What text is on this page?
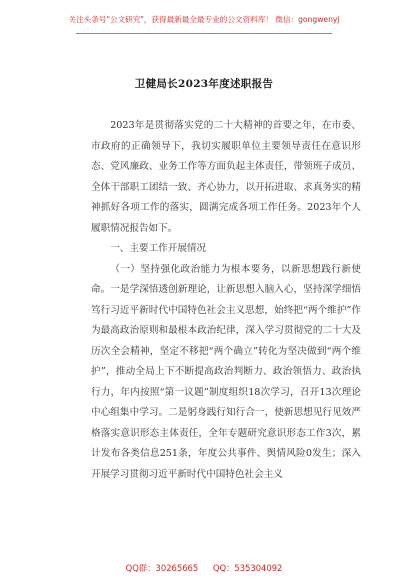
关注头条号"公文研究"，获得最新最全最专业的公文资料库！ 微信：gongwenyj
卫健局长2023年度述职报告

2023年是贯彻落实党的二十大精神的首要之年，在市委、市政府的正确领导下，我切实履职单位主要领导责任在意识形态、党风廉政、业务工作等方面负起主体责任，带领班子成员、全体干部职工团结一致、齐心协力，以开拓进取、求真务实的精神抓好各项工作的落实，圆满完成各项工作任务。2023年个人履职情况报告如下。

一、主要工作开展情况

（一）坚持强化政治能力为根本要务，以新思想践行新使命。一是学深悟透创新理论，让新思想入脑入心，坚持深学细悟笃行习近平新时代中国特色社会主义思想，始终把“两个维护”作为最高政治原则和最根本政治纪律，深入学习贯彻党的二十大及历次全会精神，坚定不移把“两个确立”转化为坚决做到“两个维护”，推动全局上下不断提高政治判断力、政治领悟力、政治执行力，年内按照“第一议题”制度组织18次学习，召开13次理论中心组集中学习。二是躬身践行知行合一，使新思想见行见效严格落实意识形态主体责任，全年专题研究意识形态工作3次，累计发布各类信息251条，年度公共事件、舆情风险0发生；深入开展学习贯彻习近平新时代中国特色社会主义

QQ群：30265665 QQ：535304092
